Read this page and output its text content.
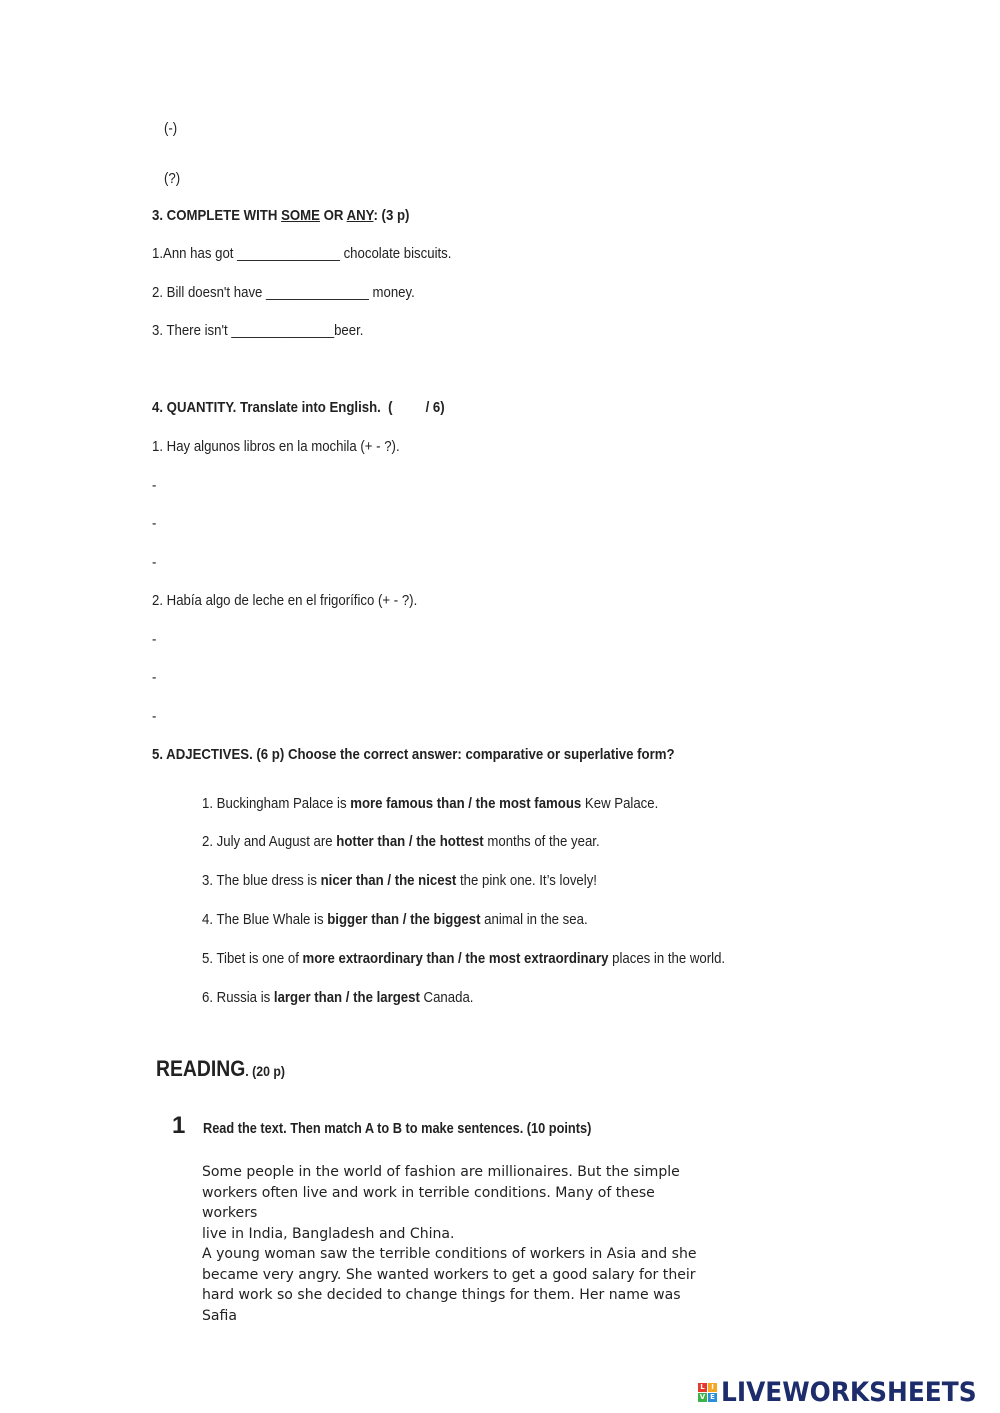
(-)
(?)
3. COMPLETE WITH SOME OR ANY: (3 p)
1.Ann has got ______________ chocolate biscuits.
2. Bill doesn't have ______________ money.
3. There isn't ______________beer.
4. QUANTITY. Translate into English.  (         / 6)
1. Hay algunos libros en la mochila (+ - ?).
-
-
-
2. Había algo de leche en el frigorífico (+ - ?).
-
-
-
5. ADJECTIVES. (6 p) Choose the correct answer: comparative or superlative form?
1. Buckingham Palace is more famous than / the most famous Kew Palace.
2. July and August are hotter than / the hottest months of the year.
3. The blue dress is nicer than / the nicest the pink one. It’s lovely!
4. The Blue Whale is bigger than / the biggest animal in the sea.
5. Tibet is one of more extraordinary than / the most extraordinary places in the world.
6. Russia is larger than / the largest Canada.
READING. (20 p)
1 Read the text. Then match A to B to make sentences. (10 points)

Some people in the world of fashion are millionaires. But the simple

workers often live and work in terrible conditions. Many of these workers

live in India, Bangladesh and China.

A young woman saw the terrible conditions of workers in Asia and she

became very angry. She wanted workers to get a good salary for their

hard work so she decided to change things for them. Her name was Safia

L I
V E LIVEWORKSHEETS
